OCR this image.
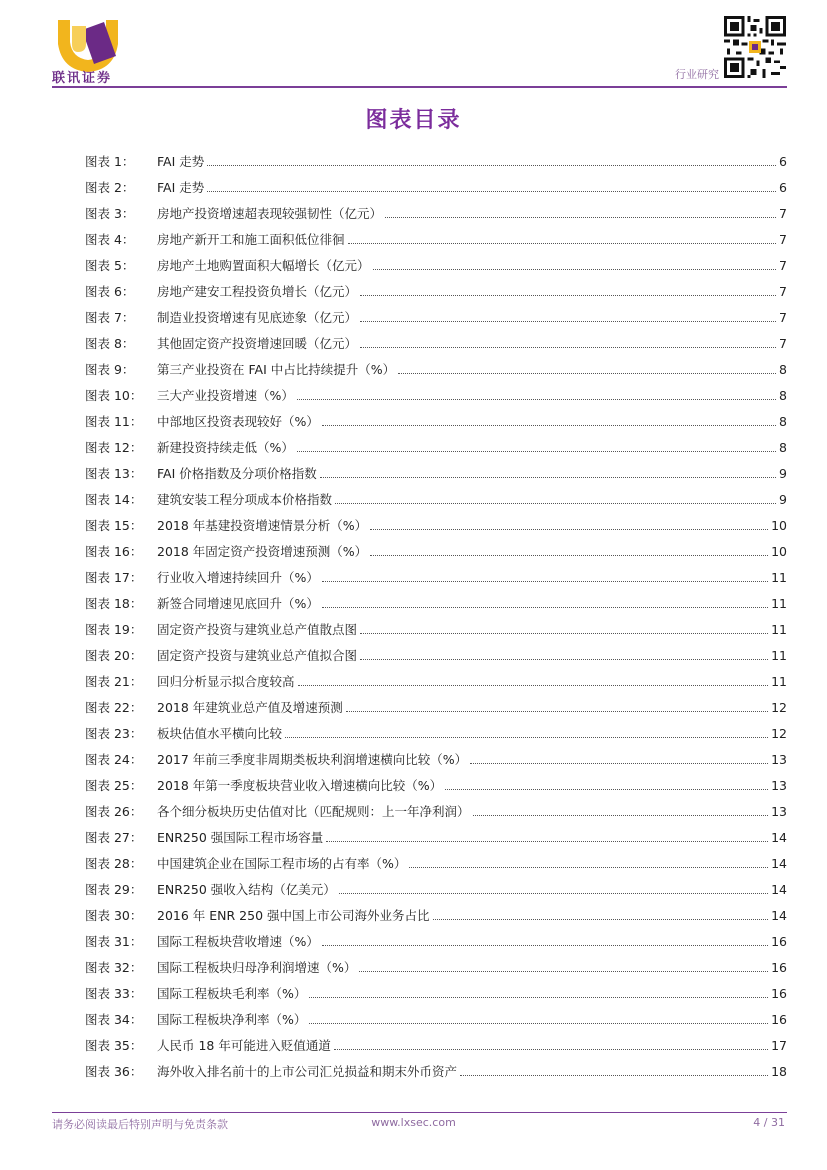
联讯证券	行业研究
图表目录
图表 1：	FAI 走势	6
图表 2：	FAI 走势	6
图表 3：	房地产投资增速超表现较强韧性（亿元）	7
图表 4：	房地产新开工和施工面积低位徘徊	7
图表 5：	房地产土地购置面积大幅增长（亿元）	7
图表 6：	房地产建安工程投资负增长（亿元）	7
图表 7：	制造业投资增速有见底迹象（亿元）	7
图表 8：	其他固定资产投资增速回暖（亿元）	7
图表 9：	第三产业投资在 FAI 中占比持续提升（%）	8
图表 10：	三大产业投资增速（%）	8
图表 11：	中部地区投资表现较好（%）	8
图表 12：	新建投资持续走低（%）	8
图表 13：	FAI 价格指数及分项价格指数	9
图表 14：	建筑安装工程分项成本价格指数	9
图表 15：	2018 年基建投资增速情景分析（%）	10
图表 16：	2018 年固定资产投资增速预测（%）	10
图表 17：	行业收入增速持续回升（%）	11
图表 18：	新签合同增速见底回升（%）	11
图表 19：	固定资产投资与建筑业总产值散点图	11
图表 20：	固定资产投资与建筑业总产值拟合图	11
图表 21：	回归分析显示拟合度较高	11
图表 22：	2018 年建筑业总产值及增速预测	12
图表 23：	板块估值水平横向比较	12
图表 24：	2017 年前三季度非周期类板块利润增速横向比较（%）	13
图表 25：	2018 年第一季度板块营业收入增速横向比较（%）	13
图表 26：	各个细分板块历史估值对比（匹配规则：上一年净利润）	13
图表 27：	ENR250 强国际工程市场容量	14
图表 28：	中国建筑企业在国际工程市场的占有率（%）	14
图表 29：	ENR250 强收入结构（亿美元）	14
图表 30：	2016 年 ENR 250 强中国上市公司海外业务占比	14
图表 31：	国际工程板块营收增速（%）	16
图表 32：	国际工程板块归母净利润增速（%）	16
图表 33：	国际工程板块毛利率（%）	16
图表 34：	国际工程板块净利率（%）	16
图表 35：	人民币 18 年可能进入贬值通道	17
图表 36：	海外收入排名前十的上市公司汇兑损益和期末外币资产	18
请务必阅读最后特别声明与免责条款	www.lxsec.com	4 / 31
